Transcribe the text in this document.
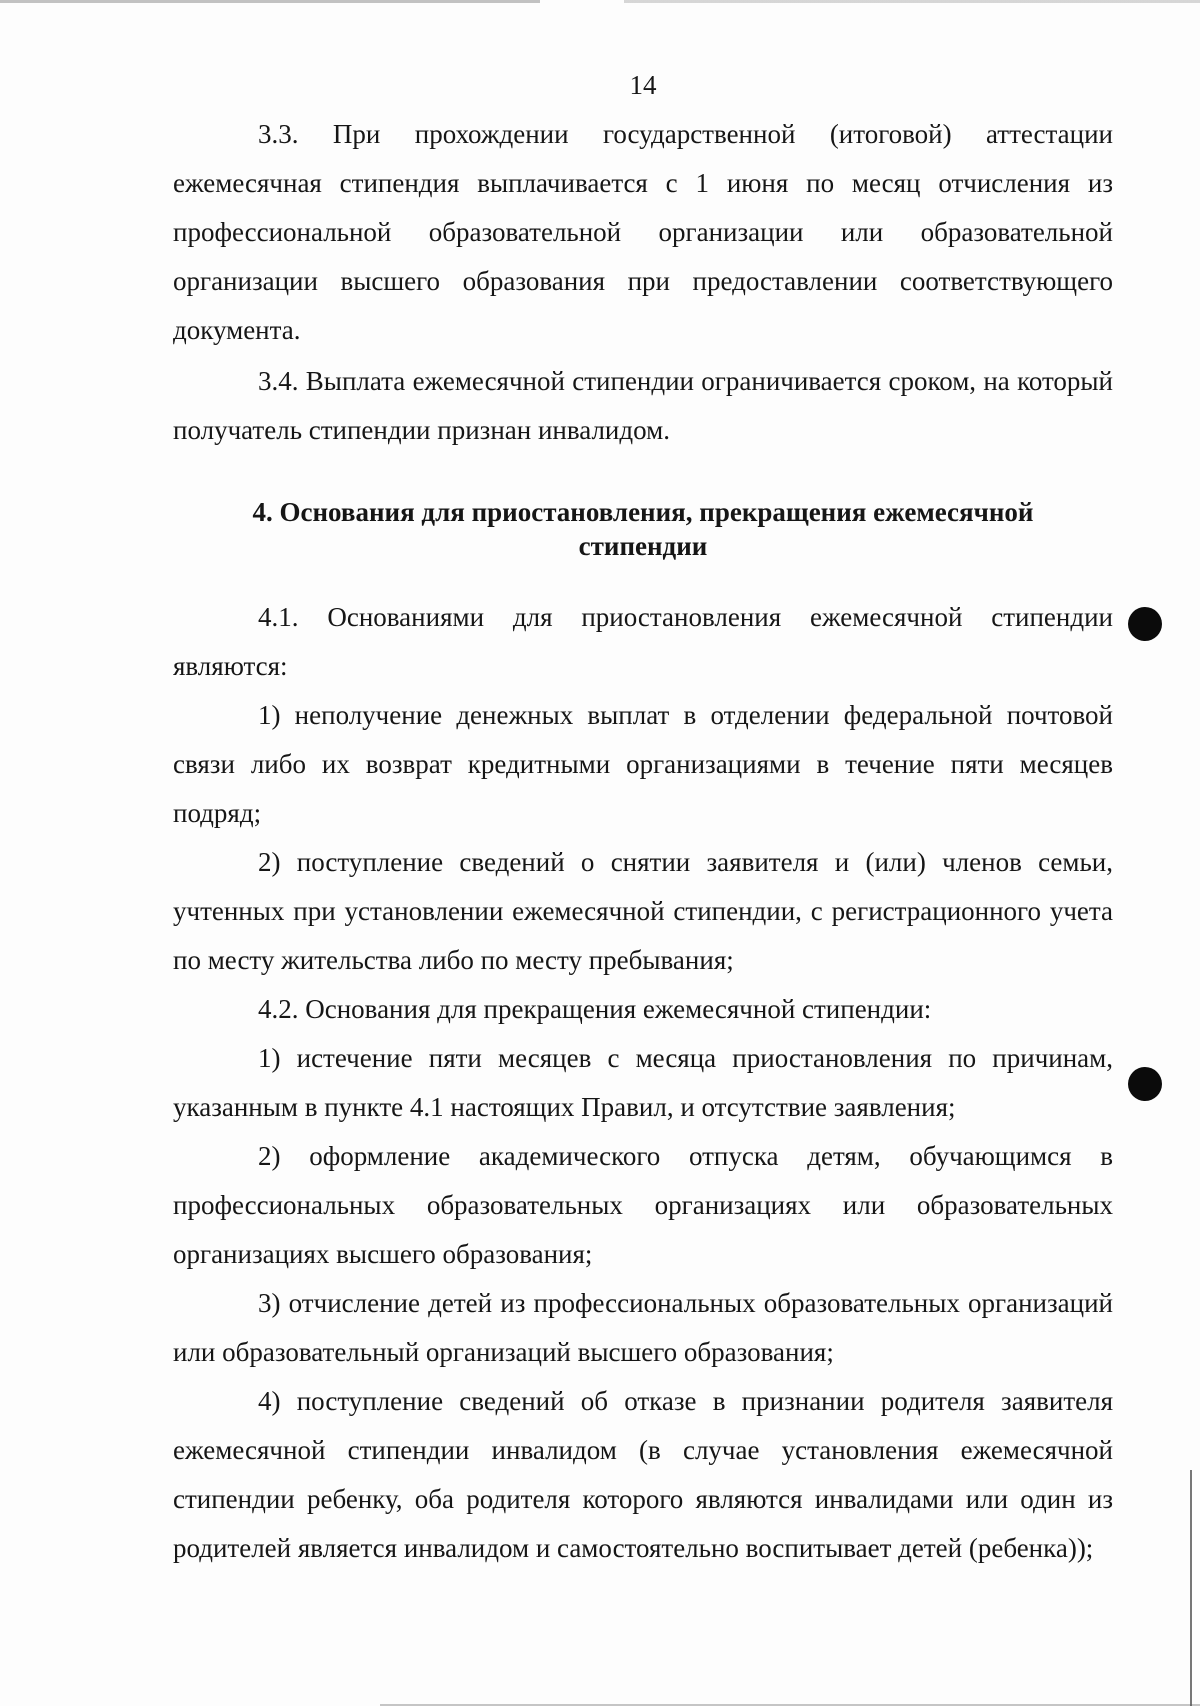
14

3.3. При прохождении государственной (итоговой) аттестации ежемесячная стипендия выплачивается с 1 июня по месяц отчисления из профессиональной образовательной организации или образовательной организации высшего образования при предоставлении соответствующего документа.

3.4. Выплата ежемесячной стипендии ограничивается сроком, на который получатель стипендии признан инвалидом.

4. Основания для приостановления, прекращения ежемесячной
стипендии

4.1. Основаниями для приостановления ежемесячной стипендии являются:

1) неполучение денежных выплат в отделении федеральной почтовой связи либо их возврат кредитными организациями в течение пяти месяцев подряд;

2) поступление сведений о снятии заявителя и (или) членов семьи, учтенных при установлении ежемесячной стипендии, с регистрационного учета по месту жительства либо по месту пребывания;

4.2. Основания для прекращения ежемесячной стипендии:

1) истечение пяти месяцев с месяца приостановления по причинам, указанным в пункте 4.1 настоящих Правил, и отсутствие заявления;

2) оформление академического отпуска детям, обучающимся в профессиональных образовательных организациях или образовательных организациях высшего образования;

3) отчисление детей из профессиональных образовательных организаций или образовательный организаций высшего образования;

4) поступление сведений об отказе в признании родителя заявителя ежемесячной стипендии инвалидом (в случае установления ежемесячной стипендии ребенку, оба родителя которого являются инвалидами или один из родителей является инвалидом и самостоятельно воспитывает детей (ребенка));
